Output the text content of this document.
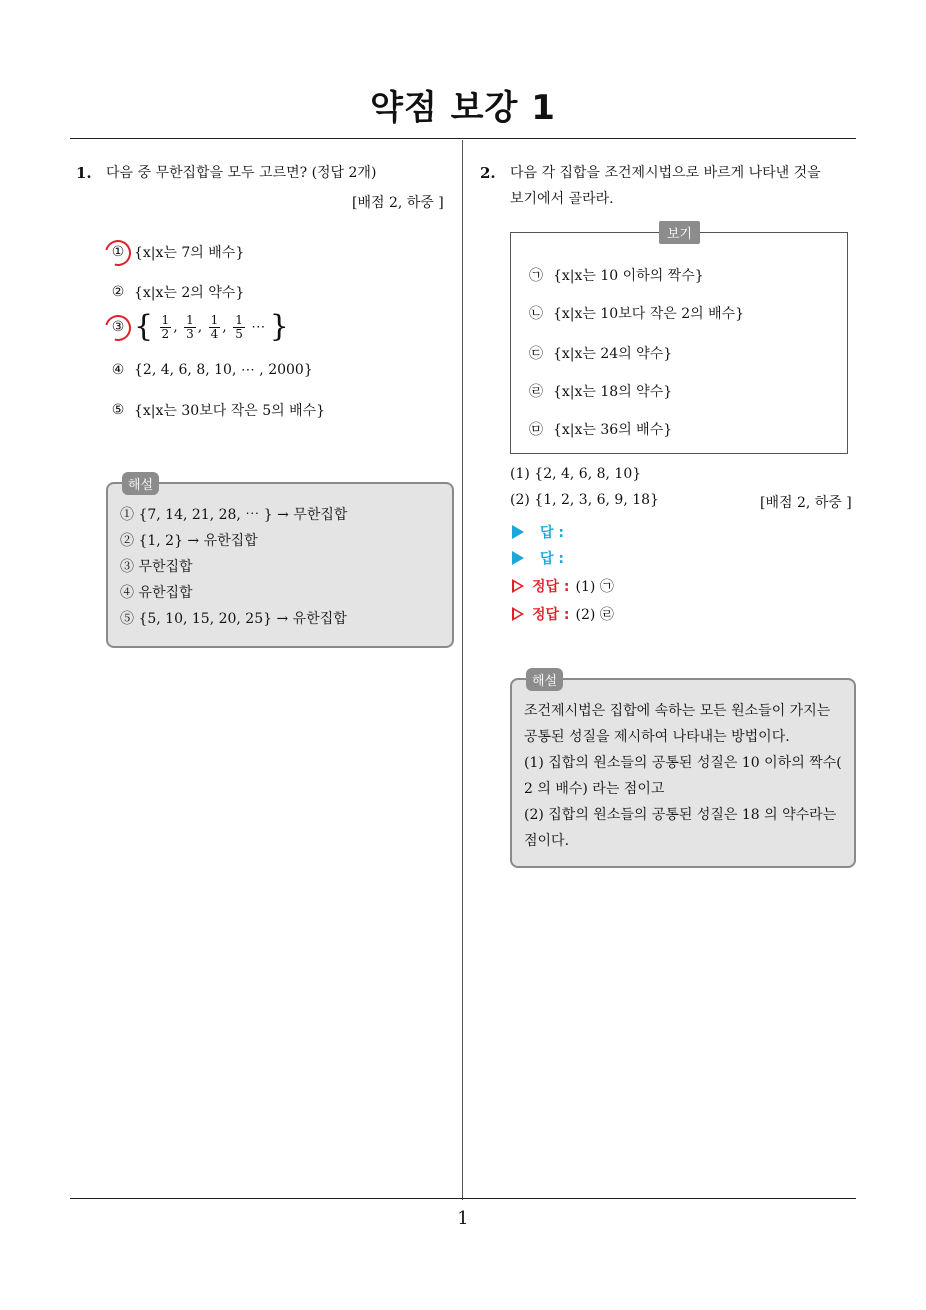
약점 보강 1
1. 다음 중 무한집합을 모두 고르면? (정답 2개)
[배점 2, 하중 ]
① {x|x는 7의 배수}
② {x|x는 2의 약수}
③ { $\frac{1}{2}$ , $\frac{1}{3}$ , $\frac{1}{4}$ , $\frac{1}{5}$ ⋯ }
④ {2, 4, 6, 8, 10, ⋯ , 2000}
⑤ {x|x는 30보다 작은 5의 배수}
해설
① {7, 14, 21, 28, ⋯ } → 무한집합
② {1, 2} → 유한집합
③ 무한집합
④ 유한집합
⑤ {5, 10, 15, 20, 25} → 유한집합
2. 다음 각 집합을 조건제시법으로 바르게 나타낸 것을
보기에서 골라라.
보기
㉠ {x|x는 10 이하의 짝수}
㉡ {x|x는 10보다 작은 2의 배수}
㉢ {x|x는 24의 약수}
㉣ {x|x는 18의 약수}
㉤ {x|x는 36의 배수}
(1) {2, 4, 6, 8, 10}
(2) {1, 2, 3, 6, 9, 18}	[배점 2, 하중 ]
답 :
답 :
정답 : (1) ㉠
정답 : (2) ㉣
해설
조건제시법은 집합에 속하는 모든 원소들이 가지는 공통된 성질을 제시하여 나타내는 방법이다.
(1) 집합의 원소들의 공통된 성질은 10 이하의 짝수( 2 의 배수) 라는 점이고
(2) 집합의 원소들의 공통된 성질은 18 의 약수라는 점이다.
1
